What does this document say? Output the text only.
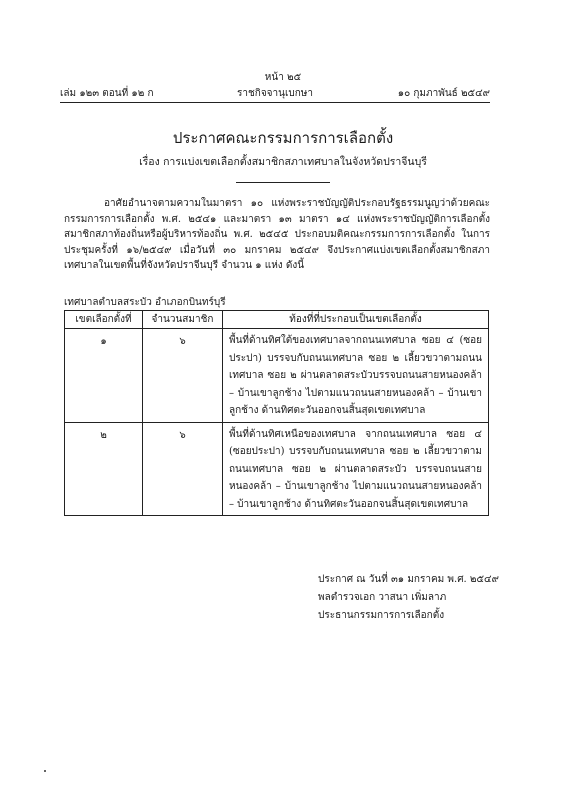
หน้า ๒๕
ราชกิจจานุเบกษา
เล่ม ๑๒๓ ตอนที่ ๑๒ ก	๑๐ กุมภาพันธ์ ๒๕๔๙
ประกาศคณะกรรมการการเลือกตั้ง
เรื่อง การแบ่งเขตเลือกตั้งสมาชิกสภาเทศบาลในจังหวัดปราจีนบุรี

อาศัยอำนาจตามความในมาตรา ๑๐ แห่งพระราชบัญญัติประกอบรัฐธรรมนูญว่าด้วยคณะกรรมการการเลือกตั้ง พ.ศ. ๒๕๔๑ และมาตรา ๑๓ มาตรา ๑๔ แห่งพระราชบัญญัติการเลือกตั้งสมาชิกสภาท้องถิ่นหรือผู้บริหารท้องถิ่น พ.ศ. ๒๕๔๕ ประกอบมติคณะกรรมการการเลือกตั้ง ในการประชุมครั้งที่ ๑๖/๒๕๔๙ เมื่อวันที่ ๓๐ มกราคม ๒๕๔๙ จึงประกาศแบ่งเขตเลือกตั้งสมาชิกสภาเทศบาลในเขตพื้นที่จังหวัดปราจีนบุรี จำนวน ๑ แห่ง ดังนี้

เทศบาลตำบลสระบัว อำเภอกบินทร์บุรี
เขตเลือกตั้งที่	จำนวนสมาชิก	ท้องที่ที่ประกอบเป็นเขตเลือกตั้ง
๑	๖	พื้นที่ด้านทิศใต้ของเทศบาลจากถนนเทศบาล ซอย ๔ (ซอยประปา) บรรจบกับถนนเทศบาล ซอย ๒ เลี้ยวขวาตามถนนเทศบาล ซอย ๒ ผ่านตลาดสระบัวบรรจบถนนสายหนองคล้า – บ้านเขาลูกช้าง ไปตามแนวถนนสายหนองคล้า – บ้านเขาลูกช้าง ด้านทิศตะวันออกจนสิ้นสุดเขตเทศบาล
๒	๖	พื้นที่ด้านทิศเหนือของเทศบาล จากถนนเทศบาล ซอย ๔ (ซอยประปา) บรรจบกับถนนเทศบาล ซอย ๒ เลี้ยวขวาตามถนนเทศบาล ซอย ๒ ผ่านตลาดสระบัว บรรจบถนนสายหนองคล้า – บ้านเขาลูกช้าง ไปตามแนวถนนสายหนองคล้า – บ้านเขาลูกช้าง ด้านทิศตะวันออกจนสิ้นสุดเขตเทศบาล
ประกาศ ณ วันที่ ๓๑ มกราคม พ.ศ. ๒๕๔๙
พลตำรวจเอก วาสนา เพิ่มลาภ
ประธานกรรมการการเลือกตั้ง
